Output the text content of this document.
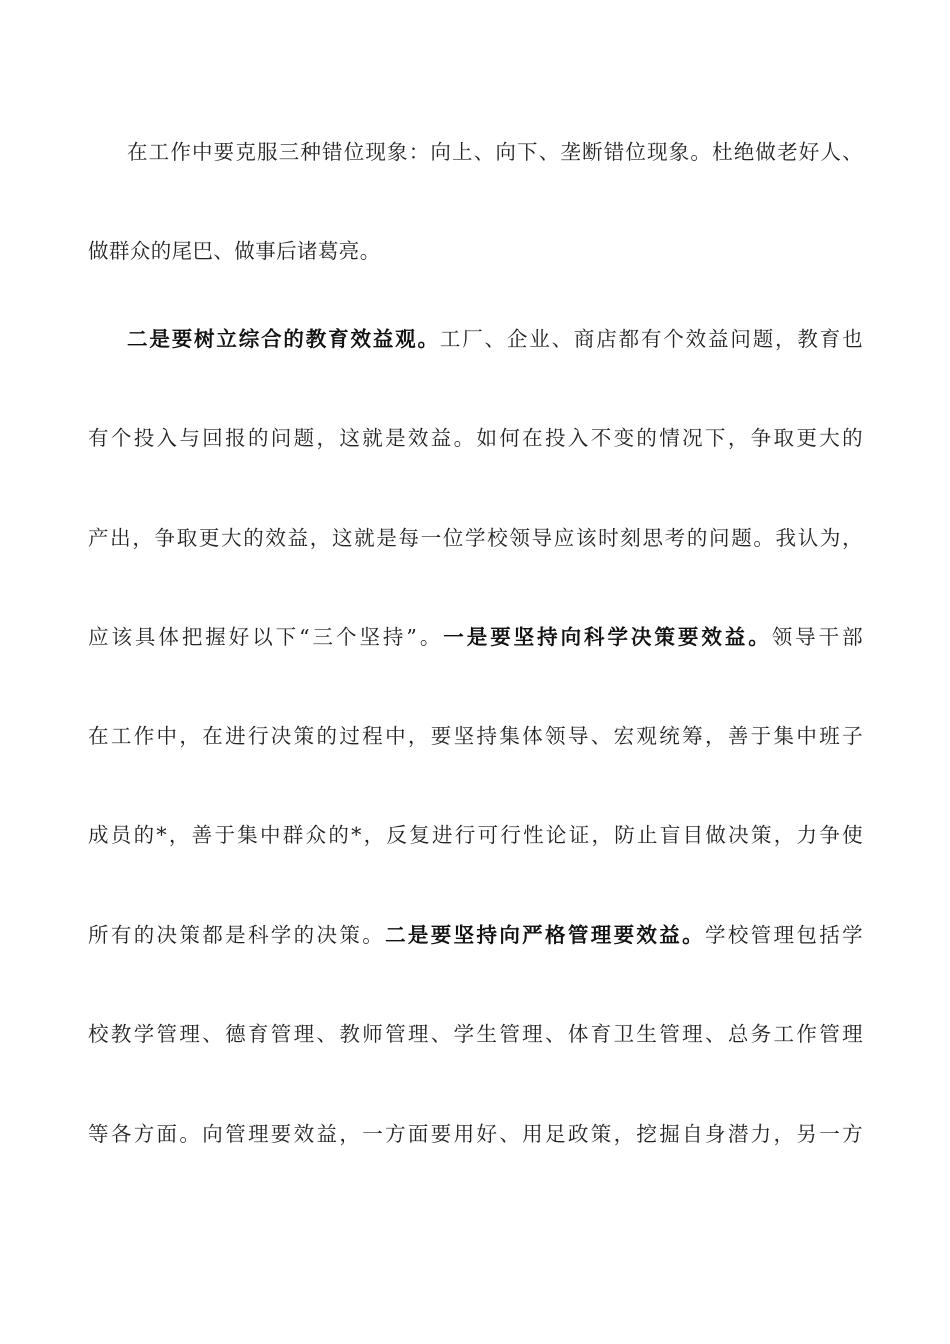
在工作中要克服三种错位现象：向上、向下、垄断错位现象。杜绝做老好人、
做群众的尾巴、做事后诸葛亮。
二是要树立综合的教育效益观。工厂、企业、商店都有个效益问题，教育也
有个投入与回报的问题，这就是效益。如何在投入不变的情况下，争取更大的
产出，争取更大的效益，这就是每一位学校领导应该时刻思考的问题。我认为，
应该具体把握好以下“三个坚持”。一是要坚持向科学决策要效益。领导干部
在工作中，在进行决策的过程中，要坚持集体领导、宏观统筹，善于集中班子
成员的*，善于集中群众的*，反复进行可行性论证，防止盲目做决策，力争使
所有的决策都是科学的决策。二是要坚持向严格管理要效益。学校管理包括学
校教学管理、德育管理、教师管理、学生管理、体育卫生管理、总务工作管理
等各方面。向管理要效益，一方面要用好、用足政策，挖掘自身潜力，另一方
